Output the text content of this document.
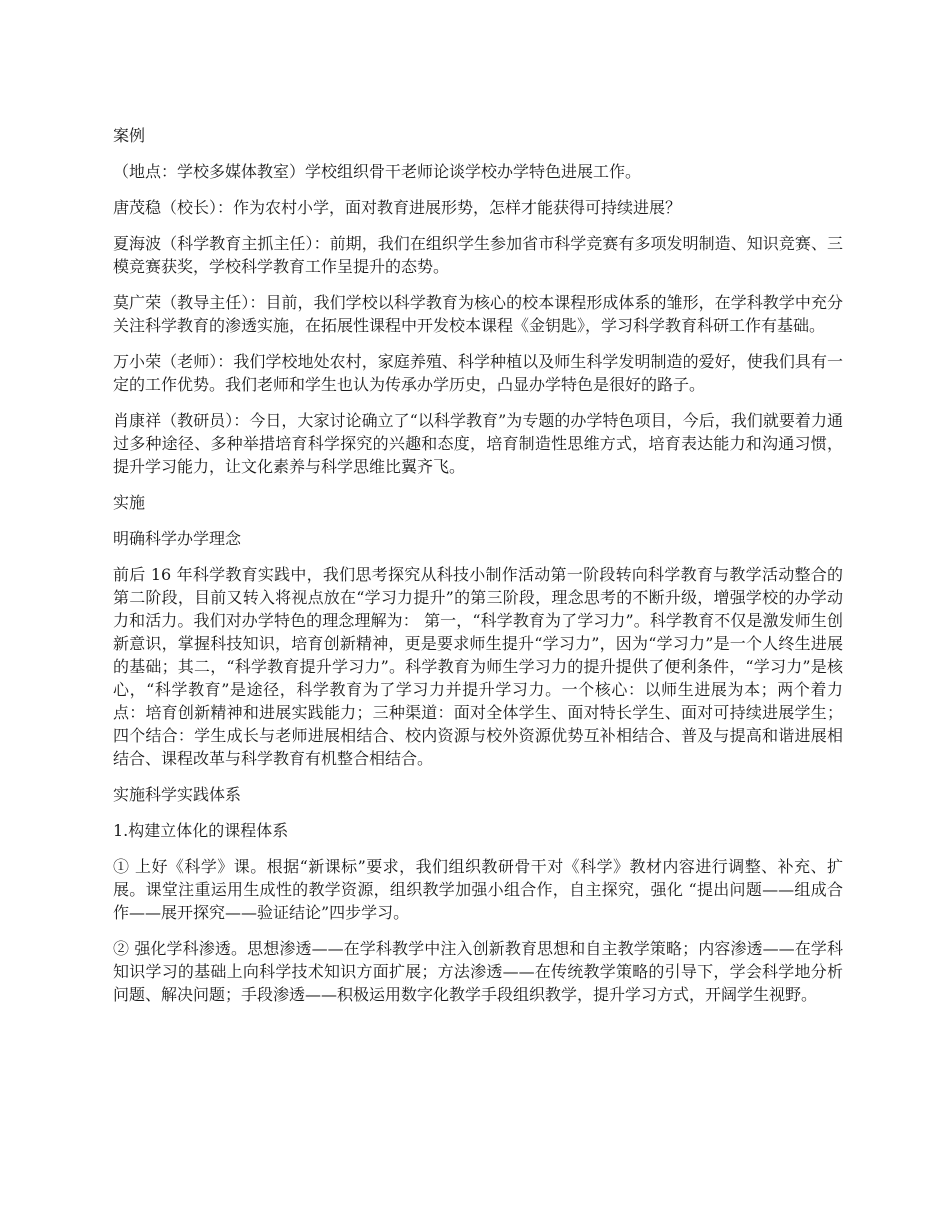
案例

（地点：学校多媒体教室）学校组织骨干老师论谈学校办学特色进展工作。

唐茂稳（校长）：作为农村小学，面对教育进展形势，怎样才能获得可持续进展？

夏海波（科学教育主抓主任）：前期，我们在组织学生参加省市科学竞赛有多项发明制造、知识竞赛、三模竞赛获奖，学校科学教育工作呈提升的态势。

莫广荣（教导主任）：目前，我们学校以科学教育为核心的校本课程形成体系的雏形，在学科教学中充分关注科学教育的渗透实施，在拓展性课程中开发校本课程《金钥匙》，学习科学教育科研工作有基础。

万小荣（老师）：我们学校地处农村，家庭养殖、科学种植以及师生科学发明制造的爱好，使我们具有一定的工作优势。我们老师和学生也认为传承办学历史，凸显办学特色是很好的路子。

肖康祥（教研员）：今日，大家讨论确立了“以科学教育”为专题的办学特色项目，今后，我们就要着力通过多种途径、多种举措培育科学探究的兴趣和态度，培育制造性思维方式，培育表达能力和沟通习惯，提升学习能力，让文化素养与科学思维比翼齐飞。

实施

明确科学办学理念

前后 16 年科学教育实践中，我们思考探究从科技小制作活动第一阶段转向科学教育与教学活动整合的第二阶段，目前又转入将视点放在“学习力提升”的第三阶段，理念思考的不断升级，增强学校的办学动力和活力。我们对办学特色的理念理解为： 第一，“科学教育为了学习力”。科学教育不仅是激发师生创新意识，掌握科技知识，培育创新精神，更是要求师生提升“学习力”，因为“学习力”是一个人终生进展的基础；其二，“科学教育提升学习力”。科学教育为师生学习力的提升提供了便利条件，“学习力”是核心，“科学教育”是途径，科学教育为了学习力并提升学习力。一个核心：以师生进展为本；两个着力点：培育创新精神和进展实践能力；三种渠道：面对全体学生、面对特长学生、面对可持续进展学生；四个结合：学生成长与老师进展相结合、校内资源与校外资源优势互补相结合、普及与提高和谐进展相结合、课程改革与科学教育有机整合相结合。

实施科学实践体系

1.构建立体化的课程体系

① 上好《科学》课。根据“新课标”要求，我们组织教研骨干对《科学》教材内容进行调整、补充、扩展。课堂注重运用生成性的教学资源，组织教学加强小组合作，自主探究，强化 “提出问题——组成合作——展开探究——验证结论”四步学习。

② 强化学科渗透。思想渗透——在学科教学中注入创新教育思想和自主教学策略；内容渗透——在学科知识学习的基础上向科学技术知识方面扩展；方法渗透——在传统教学策略的引导下，学会科学地分析问题、解决问题；手段渗透——积极运用数字化教学手段组织教学，提升学习方式，开阔学生视野。
